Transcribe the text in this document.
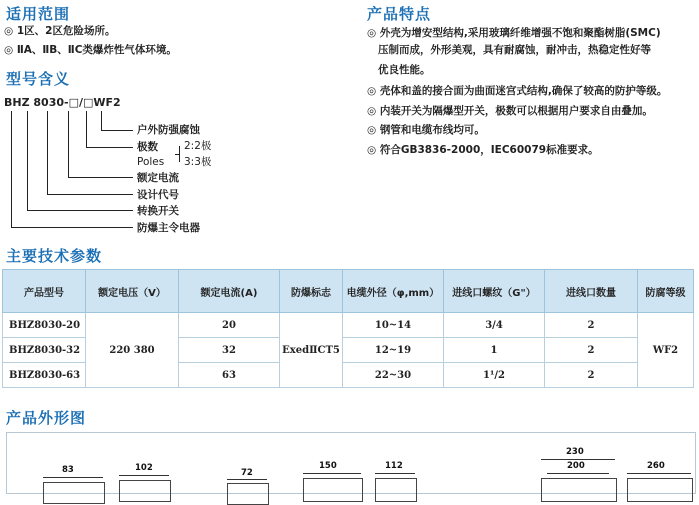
适用范围
◎ 1区、2区危险场所。
◎ ⅡA、ⅡB、ⅡC类爆炸性气体环境。
型号含义
BHZ 8030-□/□WF2
户外防强腐蚀
极数
Poles
2:2极
3:3极
额定电流
设计代号
转换开关
防爆主令电器
产品特点
◎ 外壳为增安型结构,采用玻璃纤维增强不饱和聚酯树脂(SMC)
压制而成，外形美观，具有耐腐蚀，耐冲击，热稳定性好等
优良性能。
◎ 壳体和盖的接合面为曲面迷宫式结构,确保了较高的防护等级。
◎ 内装开关为隔爆型开关，极数可以根据用户要求自由叠加。
◎ 钢管和电缆布线均可。
◎ 符合GB3836-2000，IEC60079标准要求。
主要技术参数
产品型号	额定电压（V）	额定电流(A)	防爆标志	电缆外径（φ,mm）	进线口螺纹（G"）	进线口数量	防腐等级
BHZ8030-20	220 380	20	ExedⅡCT5	10~14	3/4	2	WF2
BHZ8030-32		32		12~19	1	2	
BHZ8030-63		63		22~30	1¹/2	2	
产品外形图
83	102	72
150	112
230
200	260
